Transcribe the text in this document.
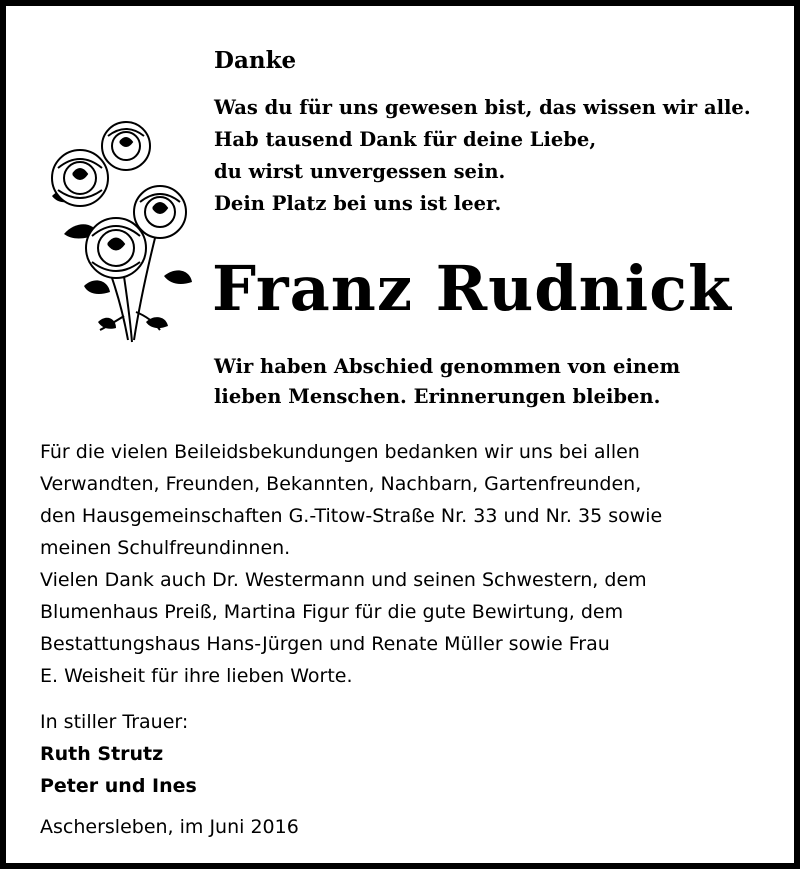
Danke
Was du für uns gewesen bist, das wissen wir alle.
Hab tausend Dank für deine Liebe,
du wirst unvergessen sein.
Dein Platz bei uns ist leer.
Franz Rudnick
Wir haben Abschied genommen von einem
lieben Menschen. Erinnerungen bleiben.
Für die vielen Beileidsbekundungen bedanken wir uns bei allen
Verwandten, Freunden, Bekannten, Nachbarn, Gartenfreunden,
den Hausgemeinschaften G.-Titow-Straße Nr. 33 und Nr. 35 sowie
meinen Schulfreundinnen.
Vielen Dank auch Dr. Westermann und seinen Schwestern, dem
Blumenhaus Preiß, Martina Figur für die gute Bewirtung, dem
Bestattungshaus Hans-Jürgen und Renate Müller sowie Frau
E. Weisheit für ihre lieben Worte.
In stiller Trauer:
Ruth Strutz
Peter und Ines
Aschersleben, im Juni 2016
